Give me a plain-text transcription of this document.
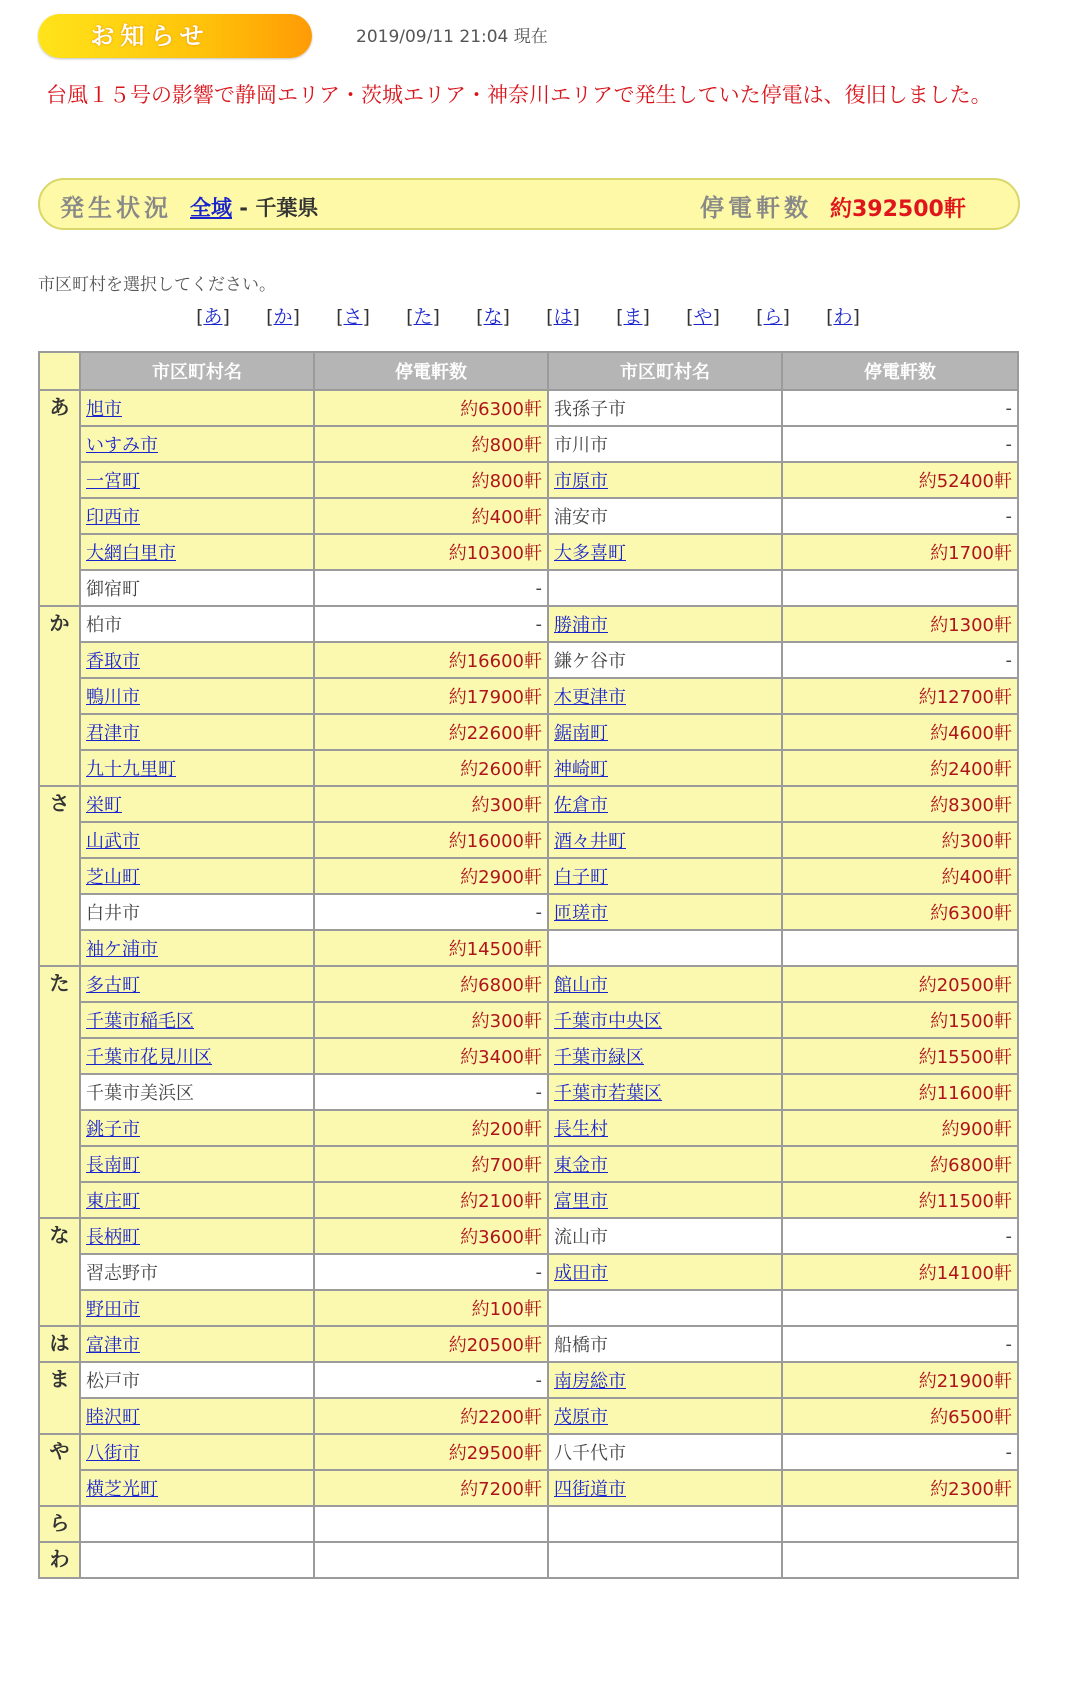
お知らせ	2019/09/11 21:04 現在
台風１５号の影響で静岡エリア・茨城エリア・神奈川エリアで発生していた停電は、復旧しました。
発生状況 全域 - 千葉県	停電軒数 約392500軒
市区町村を選択してください。
[あ] [か] [さ] [た] [な] [は] [ま] [や] [ら] [わ]
	市区町村名	停電軒数	市区町村名	停電軒数
あ	旭市	約6300軒	我孫子市	-
	いすみ市	約800軒	市川市	-
	一宮町	約800軒	市原市	約52400軒
	印西市	約400軒	浦安市	-
	大網白里市	約10300軒	大多喜町	約1700軒
	御宿町	-		
か	柏市	-	勝浦市	約1300軒
	香取市	約16600軒	鎌ケ谷市	-
	鴨川市	約17900軒	木更津市	約12700軒
	君津市	約22600軒	鋸南町	約4600軒
	九十九里町	約2600軒	神崎町	約2400軒
さ	栄町	約300軒	佐倉市	約8300軒
	山武市	約16000軒	酒々井町	約300軒
	芝山町	約2900軒	白子町	約400軒
	白井市	-	匝瑳市	約6300軒
	袖ケ浦市	約14500軒		
た	多古町	約6800軒	館山市	約20500軒
	千葉市稲毛区	約300軒	千葉市中央区	約1500軒
	千葉市花見川区	約3400軒	千葉市緑区	約15500軒
	千葉市美浜区	-	千葉市若葉区	約11600軒
	銚子市	約200軒	長生村	約900軒
	長南町	約700軒	東金市	約6800軒
	東庄町	約2100軒	富里市	約11500軒
な	長柄町	約3600軒	流山市	-
	習志野市	-	成田市	約14100軒
	野田市	約100軒		
は	富津市	約20500軒	船橋市	-
ま	松戸市	-	南房総市	約21900軒
	睦沢町	約2200軒	茂原市	約6500軒
や	八街市	約29500軒	八千代市	-
	横芝光町	約7200軒	四街道市	約2300軒
ら				
わ				
